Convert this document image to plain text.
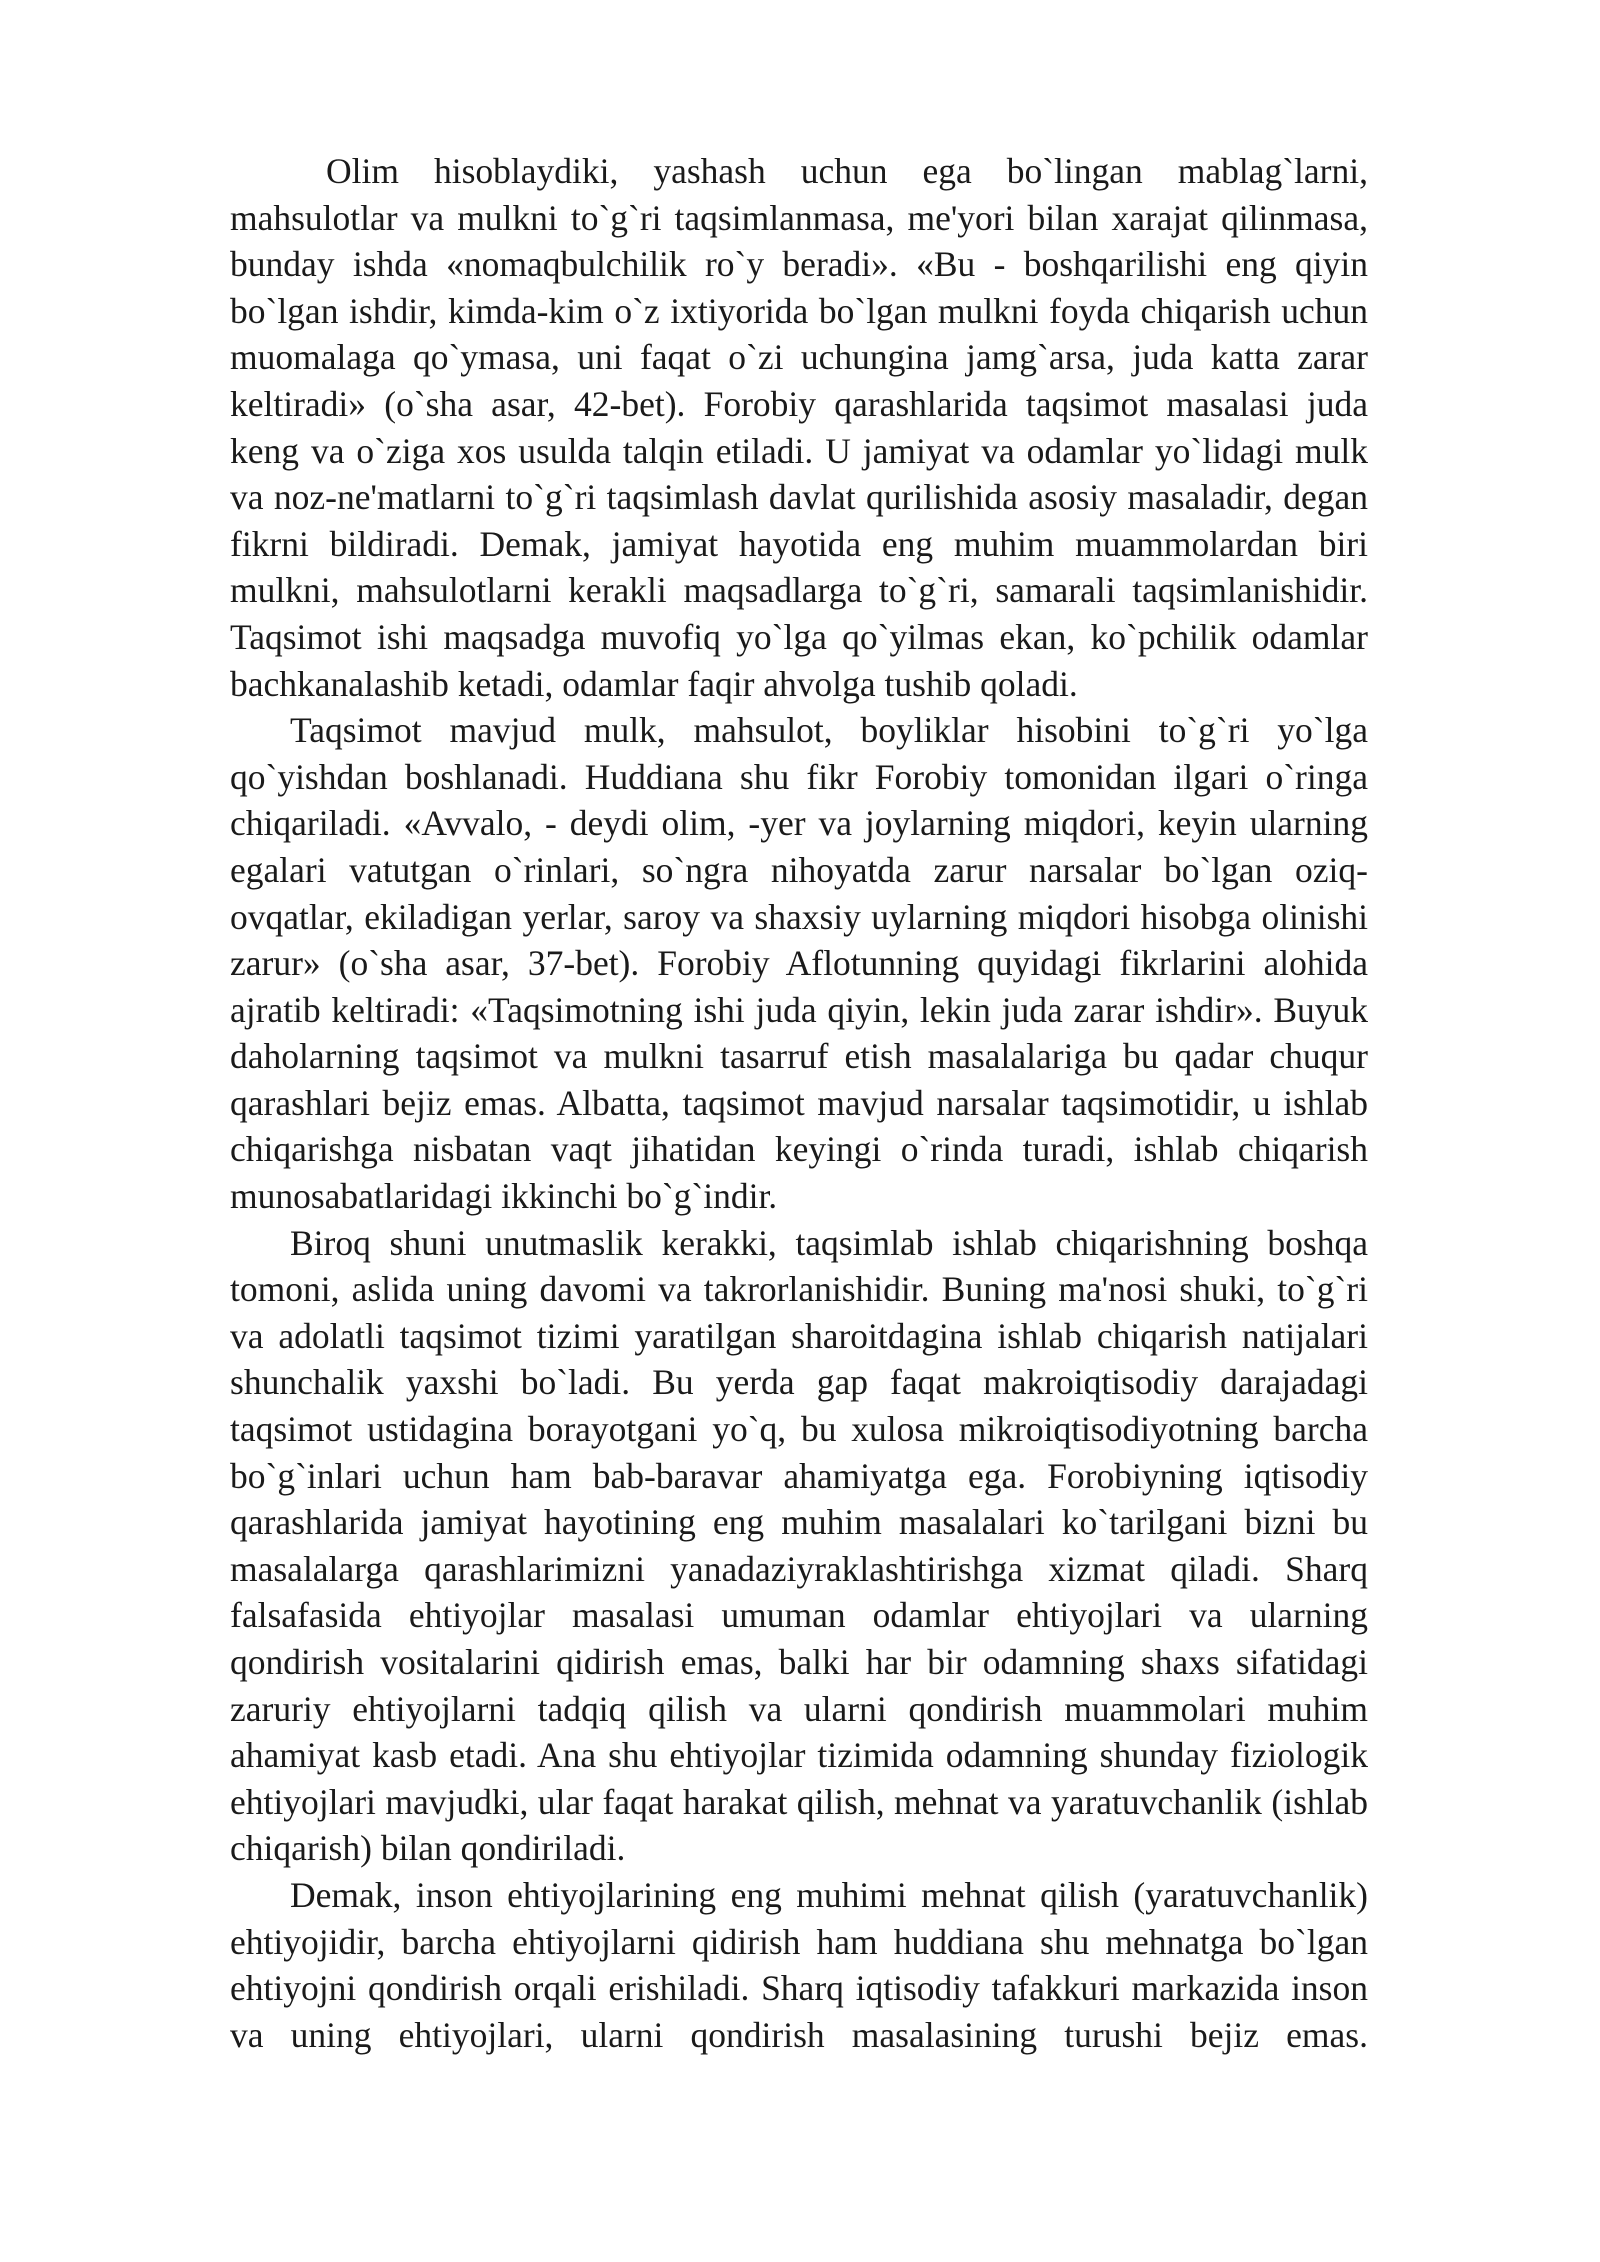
Olim hisoblaydiki, yashash uchun ega bo`lingan mablag`larni, mahsulotlar va mulkni to`g`ri taqsimlanmasa, me'yori bilan xarajat qilinmasa, bunday ishda «nomaqbulchilik ro`y beradi». «Bu - boshqarilishi eng qiyin bo`lgan ishdir, kimda-kim o`z ixtiyorida bo`lgan mulkni foyda chiqarish uchun muomalaga qo`ymasa, uni faqat o`zi uchungina jamg`arsa, juda katta zarar keltiradi» (o`sha asar, 42-bet). Forobiy qarashlarida taqsimot masalasi juda keng va o`ziga xos usulda talqin etiladi. U jamiyat va odamlar yo`lidagi mulk va noz-ne'matlarni to`g`ri taqsimlash davlat qurilishida asosiy masaladir, degan fikrni bildiradi. Demak, jamiyat hayotida eng muhim muammolardan biri mulkni, mahsulotlarni kerakli maqsadlarga to`g`ri, samarali taqsimlanishidir. Taqsimot ishi maqsadga muvofiq yo`lga qo`yilmas ekan, ko`pchilik odamlar bachkanalashib ketadi, odamlar faqir ahvolga tushib qoladi.

Taqsimot mavjud mulk, mahsulot, boyliklar hisobini to`g`ri yo`lga qo`yishdan boshlanadi. Huddiana shu fikr Forobiy tomonidan ilgari o`ringa chiqariladi. «Avvalo, - deydi olim, -yer va joylarning miqdori, keyin ularning egalari vatutgan o`rinlari, so`ngra nihoyatda zarur narsalar bo`lgan oziq-ovqatlar, ekiladigan yerlar, saroy va shaxsiy uylarning miqdori hisobga olinishi zarur» (o`sha asar, 37-bet). Forobiy Aflotunning quyidagi fikrlarini alohida ajratib keltiradi: «Taqsimotning ishi juda qiyin, lekin juda zarar ishdir». Buyuk daholarning taqsimot va mulkni tasarruf etish masalalariga bu qadar chuqur qarashlari bejiz emas. Albatta, taqsimot mavjud narsalar taqsimotidir, u ishlab chiqarishga nisbatan vaqt jihatidan keyingi o`rinda turadi, ishlab chiqarish munosabatlaridagi ikkinchi bo`g`indir.

Biroq shuni unutmaslik kerakki, taqsimlab ishlab chiqarishning boshqa tomoni, aslida uning davomi va takrorlanishidir. Buning ma'nosi shuki, to`g`ri va adolatli taqsimot tizimi yaratilgan sharoitdagina ishlab chiqarish natijalari shunchalik yaxshi bo`ladi. Bu yerda gap faqat makroiqtisodiy darajadagi taqsimot ustidagina borayotgani yo`q, bu xulosa mikroiqtisodiyotning barcha bo`g`inlari uchun ham bab-baravar ahamiyatga ega. Forobiyning iqtisodiy qarashlarida jamiyat hayotining eng muhim masalalari ko`tarilgani bizni bu masalalarga qarashlarimizni yanadaziyraklashtirishga xizmat qiladi. Sharq falsafasida ehtiyojlar masalasi umuman odamlar ehtiyojlari va ularning qondirish vositalarini qidirish emas, balki har bir odamning shaxs sifatidagi zaruriy ehtiyojlarni tadqiq qilish va ularni qondirish muammolari muhim ahamiyat kasb etadi. Ana shu ehtiyojlar tizimida odamning shunday fiziologik ehtiyojlari mavjudki, ular faqat harakat qilish, mehnat va yaratuvchanlik (ishlab chiqarish) bilan qondiriladi.

Demak, inson ehtiyojlarining eng muhimi mehnat qilish (yaratuvchanlik) ehtiyojidir, barcha ehtiyojlarni qidirish ham huddiana shu mehnatga bo`lgan ehtiyojni qondirish orqali erishiladi. Sharq iqtisodiy tafakkuri markazida inson va uning ehtiyojlari, ularni qondirish masalasining turushi bejiz emas.
